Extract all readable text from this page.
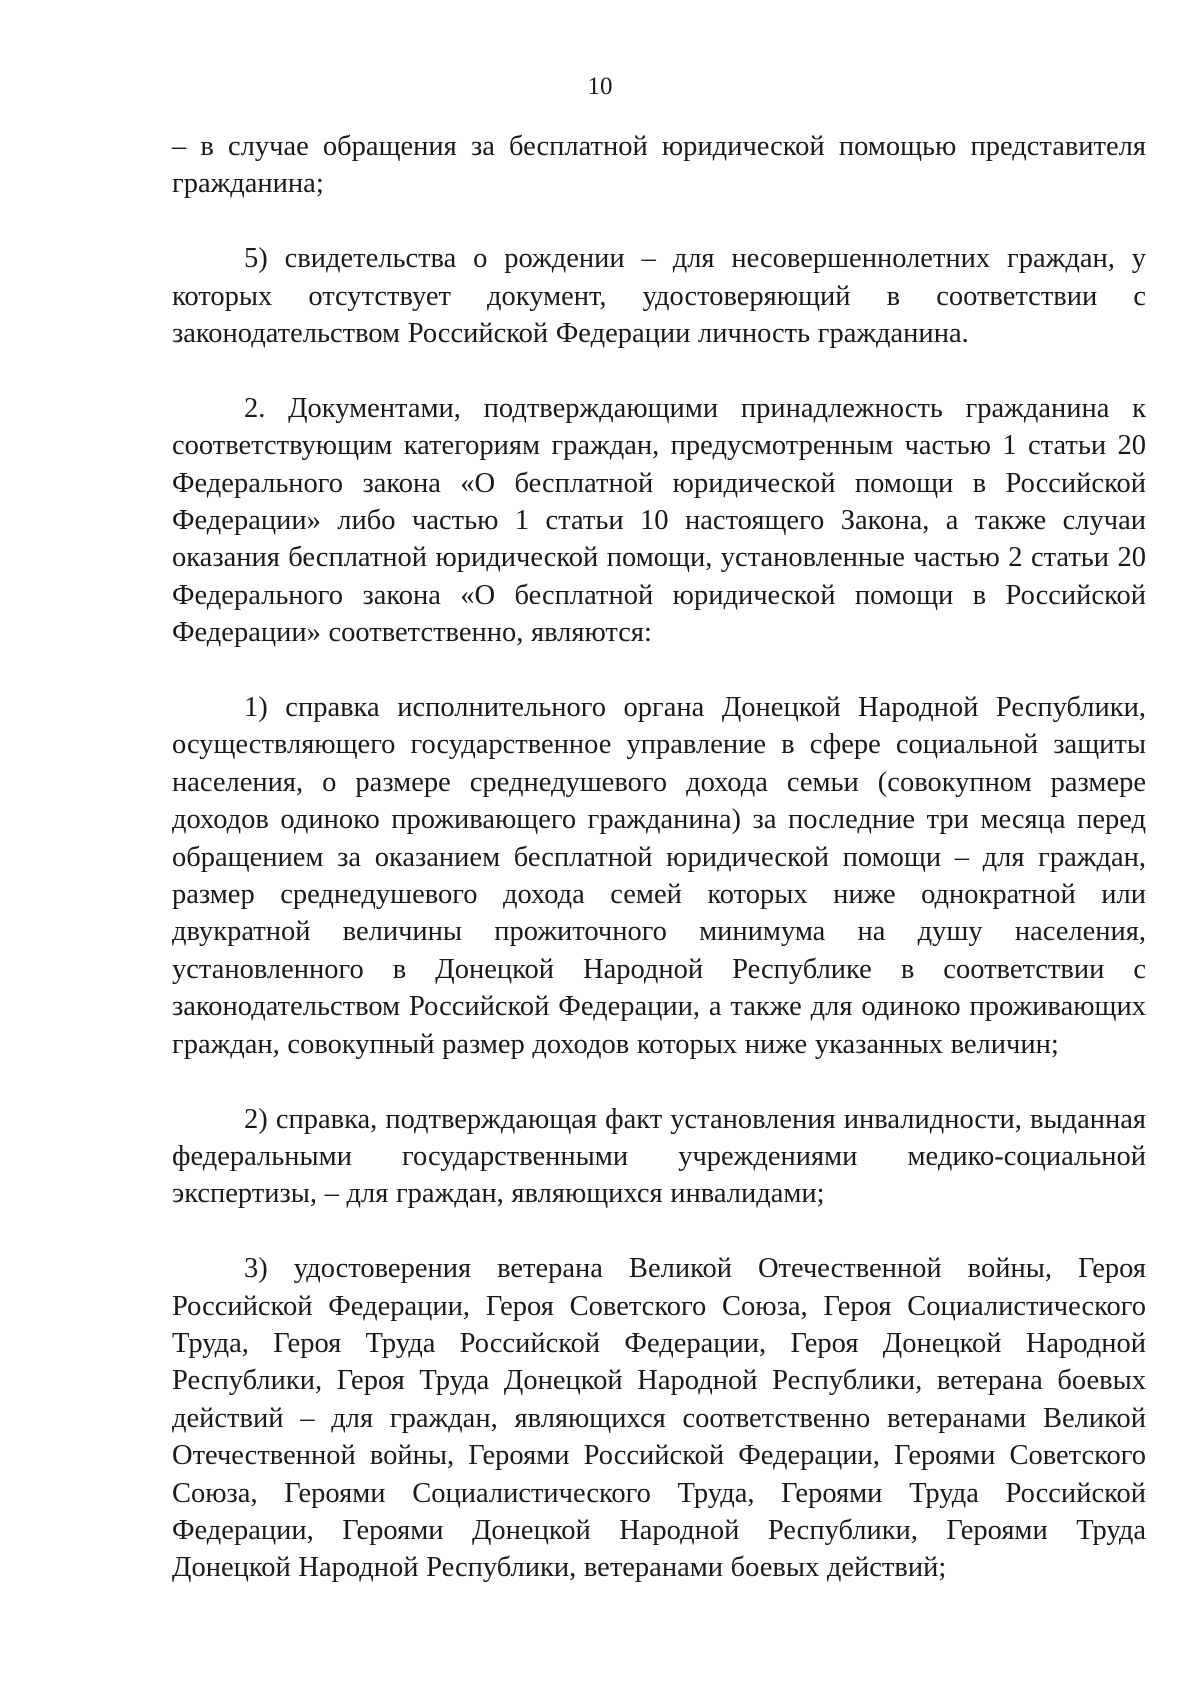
10

– в случае обращения за бесплатной юридической помощью представителя гражданина;

5) свидетельства о рождении – для несовершеннолетних граждан, у которых отсутствует документ, удостоверяющий в соответствии с законодательством Российской Федерации личность гражданина.

2. Документами, подтверждающими принадлежность гражданина к соответствующим категориям граждан, предусмотренным частью 1 статьи 20 Федерального закона «О бесплатной юридической помощи в Российской Федерации» либо частью 1 статьи 10 настоящего Закона, а также случаи оказания бесплатной юридической помощи, установленные частью 2 статьи 20 Федерального закона «О бесплатной юридической помощи в Российской Федерации» соответственно, являются:

1) справка исполнительного органа Донецкой Народной Республики, осуществляющего государственное управление в сфере социальной защиты населения, о размере среднедушевого дохода семьи (совокупном размере доходов одиноко проживающего гражданина) за последние три месяца перед обращением за оказанием бесплатной юридической помощи – для граждан, размер среднедушевого дохода семей которых ниже однократной или двукратной величины прожиточного минимума на душу населения, установленного в Донецкой Народной Республике в соответствии с законодательством Российской Федерации, а также для одиноко проживающих граждан, совокупный размер доходов которых ниже указанных величин;

2) справка, подтверждающая факт установления инвалидности, выданная федеральными государственными учреждениями медико-социальной экспертизы, – для граждан, являющихся инвалидами;

3) удостоверения ветерана Великой Отечественной войны, Героя Российской Федерации, Героя Советского Союза, Героя Социалистического Труда, Героя Труда Российской Федерации, Героя Донецкой Народной Республики, Героя Труда Донецкой Народной Республики, ветерана боевых действий – для граждан, являющихся соответственно ветеранами Великой Отечественной войны, Героями Российской Федерации, Героями Советского Союза, Героями Социалистического Труда, Героями Труда Российской Федерации, Героями Донецкой Народной Республики, Героями Труда Донецкой Народной Республики, ветеранами боевых действий;
